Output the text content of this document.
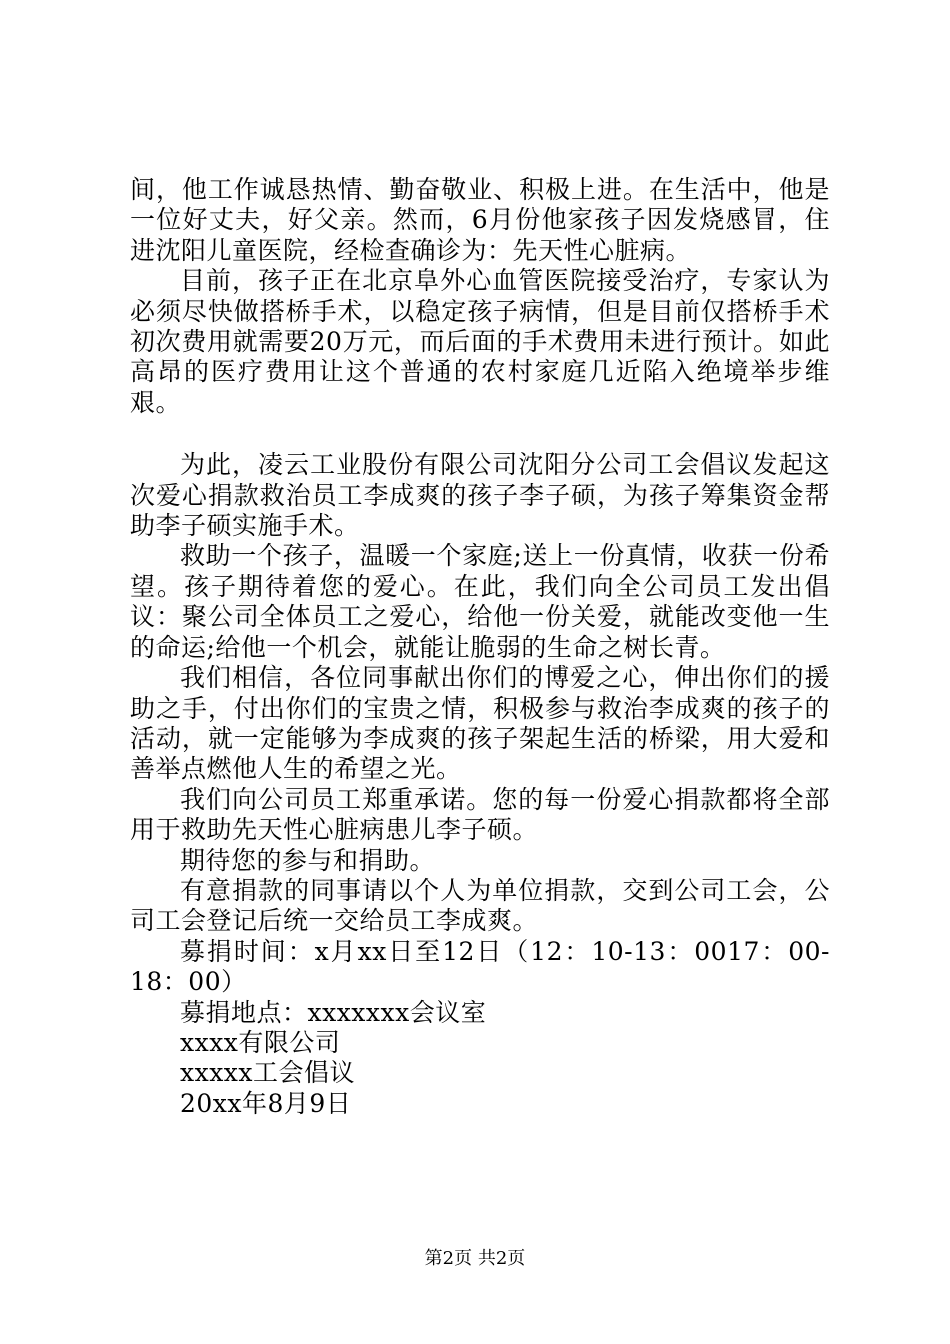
间，他工作诚恳热情、勤奋敬业、积极上进。在生活中，他是一位好丈夫，好父亲。然而，6月份他家孩子因发烧感冒，住进沈阳儿童医院，经检查确诊为：先天性心脏病。

目前，孩子正在北京阜外心血管医院接受治疗，专家认为必须尽快做搭桥手术，以稳定孩子病情，但是目前仅搭桥手术初次费用就需要20万元，而后面的手术费用未进行预计。如此高昂的医疗费用让这个普通的农村家庭几近陷入绝境举步维艰。

为此，凌云工业股份有限公司沈阳分公司工会倡议发起这次爱心捐款救治员工李成爽的孩子李子硕，为孩子筹集资金帮助李子硕实施手术。

救助一个孩子，温暖一个家庭;送上一份真情，收获一份希望。孩子期待着您的爱心。在此，我们向全公司员工发出倡议：聚公司全体员工之爱心，给他一份关爱，就能改变他一生的命运;给他一个机会，就能让脆弱的生命之树长青。

我们相信，各位同事献出你们的博爱之心，伸出你们的援助之手，付出你们的宝贵之情，积极参与救治李成爽的孩子的活动，就一定能够为李成爽的孩子架起生活的桥梁，用大爱和善举点燃他人生的希望之光。

我们向公司员工郑重承诺。您的每一份爱心捐款都将全部用于救助先天性心脏病患儿李子硕。

期待您的参与和捐助。

有意捐款的同事请以个人为单位捐款，交到公司工会，公司工会登记后统一交给员工李成爽。

募捐时间：x月xx日至12日（12：10-13：0017：00-18：00）

募捐地点：xxxxxxx会议室

xxxx有限公司

xxxxx工会倡议

20xx年8月9日

第2页 共2页
